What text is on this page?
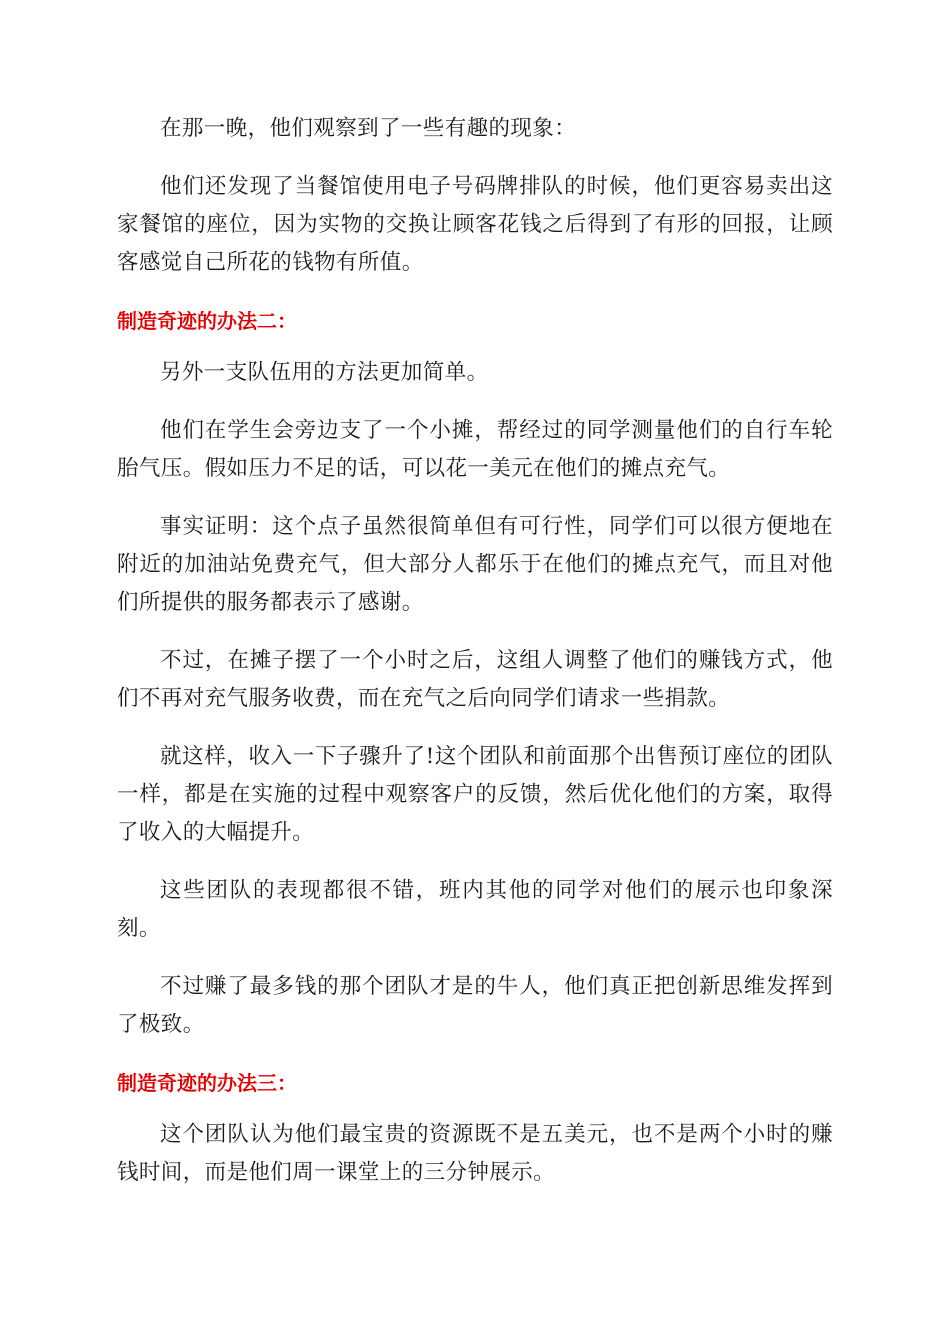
在那一晚，他们观察到了一些有趣的现象：

他们还发现了当餐馆使用电子号码牌排队的时候，他们更容易卖出这家餐馆的座位，因为实物的交换让顾客花钱之后得到了有形的回报，让顾客感觉自己所花的钱物有所值。

制造奇迹的办法二：

另外一支队伍用的方法更加简单。

他们在学生会旁边支了一个小摊，帮经过的同学测量他们的自行车轮胎气压。假如压力不足的话，可以花一美元在他们的摊点充气。

事实证明：这个点子虽然很简单但有可行性，同学们可以很方便地在附近的加油站免费充气，但大部分人都乐于在他们的摊点充气，而且对他们所提供的服务都表示了感谢。

不过，在摊子摆了一个小时之后，这组人调整了他们的赚钱方式，他们不再对充气服务收费，而在充气之后向同学们请求一些捐款。

就这样，收入一下子骤升了!这个团队和前面那个出售预订座位的团队一样，都是在实施的过程中观察客户的反馈，然后优化他们的方案，取得了收入的大幅提升。

这些团队的表现都很不错，班内其他的同学对他们的展示也印象深刻。

不过赚了最多钱的那个团队才是的牛人，他们真正把创新思维发挥到了极致。

制造奇迹的办法三：

这个团队认为他们最宝贵的资源既不是五美元，也不是两个小时的赚钱时间，而是他们周一课堂上的三分钟展示。
